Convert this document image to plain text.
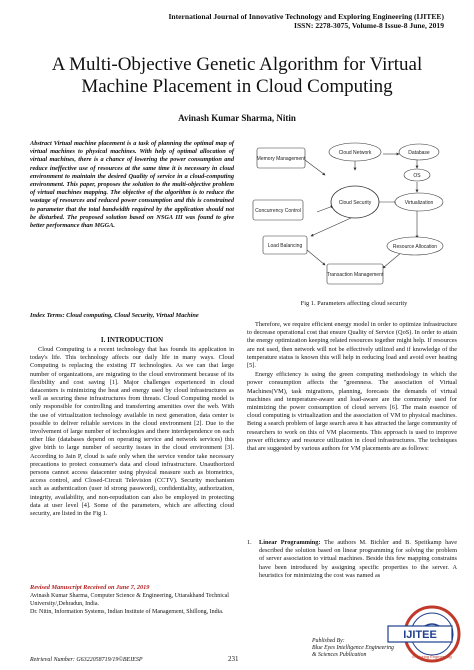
International Journal of Innovative Technology and Exploring Engineering (IJITEE)
ISSN: 2278-3075, Volume-8 Issue-8 June, 2019
A Multi-Objective Genetic Algorithm for Virtual Machine Placement in Cloud Computing
Avinash Kumar Sharma, Nitin
Abstract Virtual machine placement is a task of planning the optimal map of virtual machines to physical machines. With help of optimal allocation of virtual machines, there is a chance of lowering the power consumption and reduce ineffective use of resources at the same time it is necessary in cloud environment to maintain the desired Quality of service in a cloud-computing environment. This paper, proposes the solution to the multi-objective problem of virtual machines mapping. The objective of the algorithm is to reduce the wastage of resources and reduced power consumption and this is constrained to parameter that the total bandwidth required by the application should not be disturbed. The proposed solution based on NSGA III was found to give better performance than MGGA.
Index Terms: Cloud computing, Cloud Security, Virtual Machine
I. INTRODUCTION
Cloud Computing is a recent technology that has founds its application in today's life. This technology affects our daily life in many ways. Cloud Computing is replacing the existing IT technologies. As we can that large number of organizations, are migrating to the cloud environment because of its flexibility and cost saving [1]. Major challenges experienced in cloud datacenters is minimizing the heat and energy used by cloud infrastructures as well as securing these infrastructures from threats. Cloud Computing model is only responsible for controlling and transferring amenities over the web. With the use of virtualization technology available in next generation, data center is possible to deliver reliable services in the cloud environment [2]. Due to the involvement of large number of technologies and there interdependence on each other like (databases depend on operating service and network services) this give birth to large number of security issues in the cloud environment [3]. According to Jain P, cloud is safe only when the service vendor take necessary precautions to protect consumer's data and cloud infrastructure. Unauthorized persons cannot access datacenter using physical measure such as biometrics, access control, and Closed-Circuit Television (CCTV). Security mechanism such as authentication (user id strong password), confidentiality, authorization, integrity, availability, and non-repudiation can also be employed in protecting data at user level [4]. Some of the parameters, which are affecting cloud security, are listed in the Fig 1.
Revised Manuscript Received on June 7, 2019

Avinash Kumar Sharma, Computer Science & Engineering, Uttarakhand Technical University/,Dehradun, India.

Dr. Nitin, Information Systems, Indian Institute of Management, Shillong, India.

Memory Management
Cloud Network	Database
OS
Concurrency Control
Cloud Security	Virtualization
Load Balancing	Resource Allocation
Transaction Management
Fig 1. Parameters affecting cloud security

Therefore, we require efficient energy model in order to optimize infrastructure to decrease operational cost that ensure Quality of Service (QoS). In order to attain the energy optimization keeping related resources together might help. If resources are not used, then network will not be effectively utilized and if knowledge of the temperature status is known this will help in reducing load and avoid over heating [5].

Energy efficiency is using the green computing methodology in which the power consumption affects the "greenness. The association of Virtual Machines(VM), task migrations, planning, forecasts the demands of virtual machines and temperature-aware and load-aware are the commonly used for minimizing the power consumption of cloud servers [6]. The main essence of cloud computing is virtualization and the association of VM to physical machines. Being a search problem of large search area it has attracted the large community of researchers to work on this of VM placements. This approach is used to improve power efficiency and resource utilization in cloud infrastructures. The techniques that are suggested by various authors for VM placements are as follows:

1. Linear Programming: The authors M. Bichler and B. Speitkamp have described the solution based on linear programming for solving the problem of server association to virtual machines. Beside this few mapping constrains have been introduced by assigning specific properties to the server. A heuristics for minimizing the cost was named as

Retrieval Number: G6322058719/19©BEIESP	231
Published By:
Blue Eyes Intelligence Engineering
& Sciences Publication
IJITEE
Exploring Engineering
